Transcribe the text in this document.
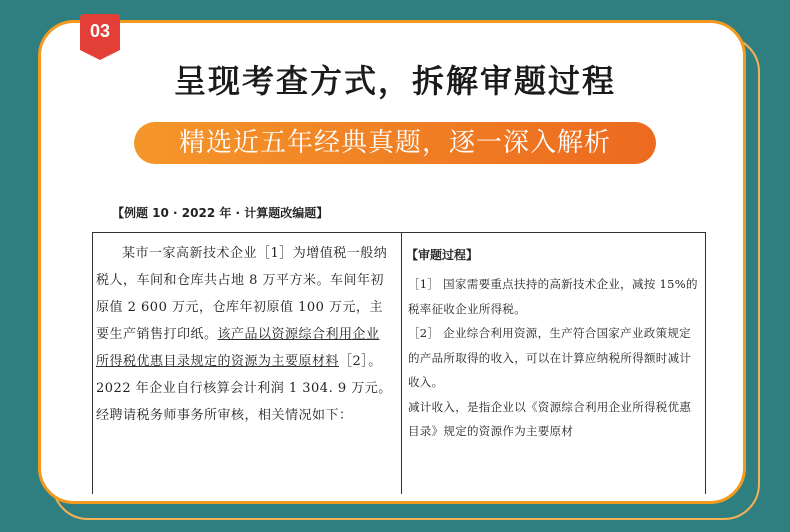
03
呈现考查方式，拆解审题过程
精选近五年经典真题，逐一深入解析
【例题 10 · 2022 年 · 计算题改编题】

某市一家高新技术企业［1］为增值税一般纳税人，车间和仓库共占地 8 万平方米。车间年初原值 2 600 万元，仓库年初原值 100 万元，主要生产销售打印纸。该产品以资源综合利用企业所得税优惠目录规定的资源为主要原材料［2］。2022 年企业自行核算会计利润 1 304. 9 万元。经聘请税务师事务所审核，相关情况如下：

【审题过程】

［1］ 国家需要重点扶持的高新技术企业，减按 15%的税率征收企业所得税。

［2］ 企业综合利用资源，生产符合国家产业政策规定的产品所取得的收入，可以在计算应纳税所得额时减计收入。

减计收入，是指企业以《资源综合利用企业所得税优惠目录》规定的资源作为主要原材
